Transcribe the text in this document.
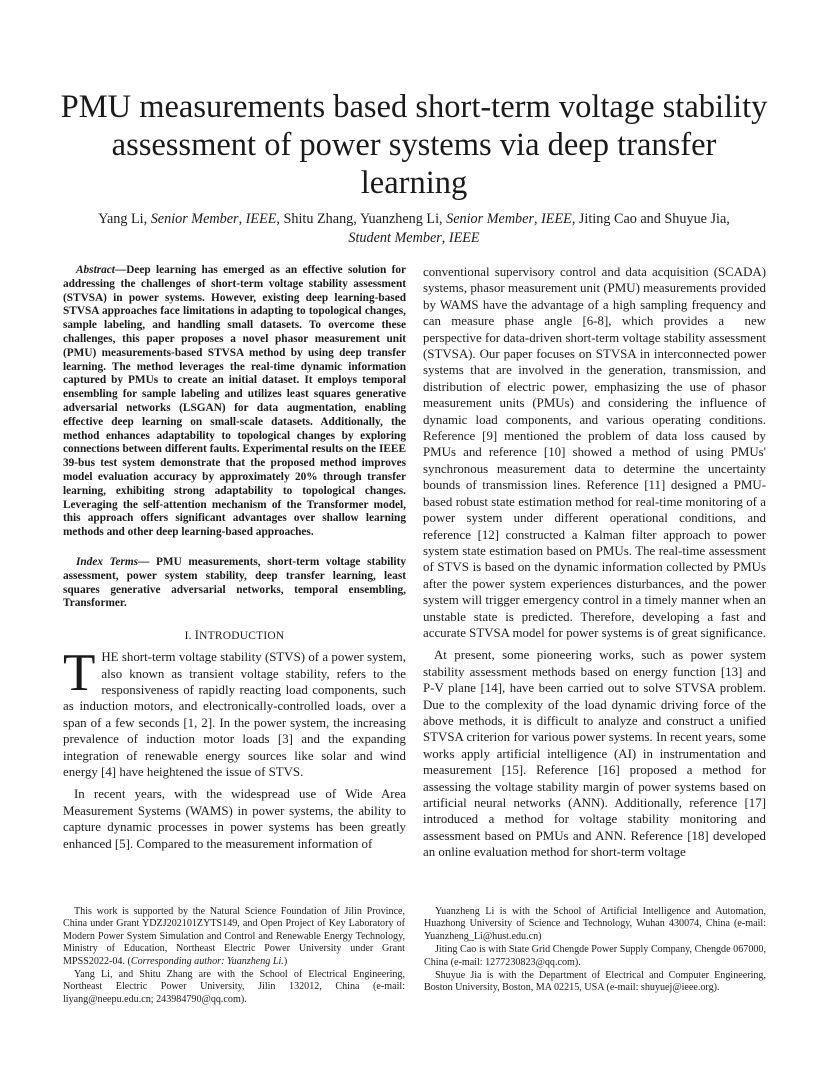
PMU measurements based short-term voltage stability assessment of power systems via deep transfer learning
Yang Li, Senior Member, IEEE, Shitu Zhang, Yuanzheng Li, Senior Member, IEEE, Jiting Cao and Shuyue Jia,
Student Member, IEEE

Abstract—Deep learning has emerged as an effective solution for addressing the challenges of short-term voltage stability assessment (STVSA) in power systems. However, existing deep learning-based STVSA approaches face limitations in adapting to topological changes, sample labeling, and handling small datasets. To overcome these challenges, this paper proposes a novel phasor measurement unit (PMU) measurements-based STVSA method by using deep transfer learning. The method leverages the real-time dynamic information captured by PMUs to create an initial dataset. It employs temporal ensembling for sample labeling and utilizes least squares generative adversarial networks (LSGAN) for data augmentation, enabling effective deep learning on small-scale datasets. Additionally, the method enhances adaptability to topological changes by exploring connections between different faults. Experimental results on the IEEE 39-bus test system demonstrate that the proposed method improves model evaluation accuracy by approximately 20% through transfer learning, exhibiting strong adaptability to topological changes. Leveraging the self-attention mechanism of the Transformer model, this approach offers significant advantages over shallow learning methods and other deep learning-based approaches.

Index Terms— PMU measurements, short-term voltage stability assessment, power system stability, deep transfer learning, least squares generative adversarial networks, temporal ensembling, Transformer.

I. INTRODUCTION

THE short-term voltage stability (STVS) of a power system, also known as transient voltage stability, refers to the responsiveness of rapidly reacting load components, such as induction motors, and electronically-controlled loads, over a span of a few seconds [1, 2]. In the power system, the increasing prevalence of induction motor loads [3] and the expanding integration of renewable energy sources like solar and wind energy [4] have heightened the issue of STVS.

In recent years, with the widespread use of Wide Area Measurement Systems (WAMS) in power systems, the ability to capture dynamic processes in power systems has been greatly enhanced [5]. Compared to the measurement information of

conventional supervisory control and data acquisition (SCADA) systems, phasor measurement unit (PMU) measurements provided by WAMS have the advantage of a high sampling frequency and can measure phase angle [6-8], which provides a  new perspective for data-driven short-term voltage stability assessment (STVSA). Our paper focuses on STVSA in interconnected power systems that are involved in the generation, transmission, and distribution of electric power, emphasizing the use of phasor measurement units (PMUs) and considering the influence of dynamic load components, and various operating conditions. Reference [9] mentioned the problem of data loss caused by PMUs and reference [10] showed a method of using PMUs' synchronous measurement data to determine the uncertainty bounds of transmission lines. Reference [11] designed a PMU-based robust state estimation method for real-time monitoring of a power system under different operational conditions, and reference [12] constructed a Kalman filter approach to power system state estimation based on PMUs. The real-time assessment of STVS is based on the dynamic information collected by PMUs after the power system experiences disturbances, and the power system will trigger emergency control in a timely manner when an unstable state is predicted. Therefore, developing a fast and accurate STVSA model for power systems is of great significance.

At present, some pioneering works, such as power system stability assessment methods based on energy function [13] and P-V plane [14], have been carried out to solve STVSA problem. Due to the complexity of the load dynamic driving force of the above methods, it is difficult to analyze and construct a unified STVSA criterion for various power systems. In recent years, some works apply artificial intelligence (AI) in instrumentation and measurement [15]. Reference [16] proposed a method for assessing the voltage stability margin of power systems based on artificial neural networks (ANN). Additionally, reference [17] introduced a method for voltage stability monitoring and assessment based on PMUs and ANN. Reference [18] developed an online evaluation method for short-term voltage

This work is supported by the Natural Science Foundation of Jilin Province, China under Grant YDZJ202101ZYTS149, and Open Project of Key Laboratory of Modern Power System Simulation and Control and Renewable Energy Technology, Ministry of Education, Northeast Electric Power University under Grant MPSS2022-04. (Corresponding author: Yuanzheng Li.)

Yang Li, and Shitu Zhang are with the School of Electrical Engineering, Northeast Electric Power University, Jilin 132012, China (e-mail: liyang@neepu.edu.cn; 243984790@qq.com).

Yuanzheng Li is with the School of Artificial Intelligence and Automation, Huazhong University of Science and Technology, Wuhan 430074, China (e-mail: Yuanzheng_Li@hust.edu.cn)

Jiting Cao is with State Grid Chengde Power Supply Company, Chengde 067000, China (e-mail: 1277230823@qq.com).

Shuyue Jia is with the Department of Electrical and Computer Engineering, Boston University, Boston, MA 02215, USA (e-mail: shuyuej@ieee.org).
